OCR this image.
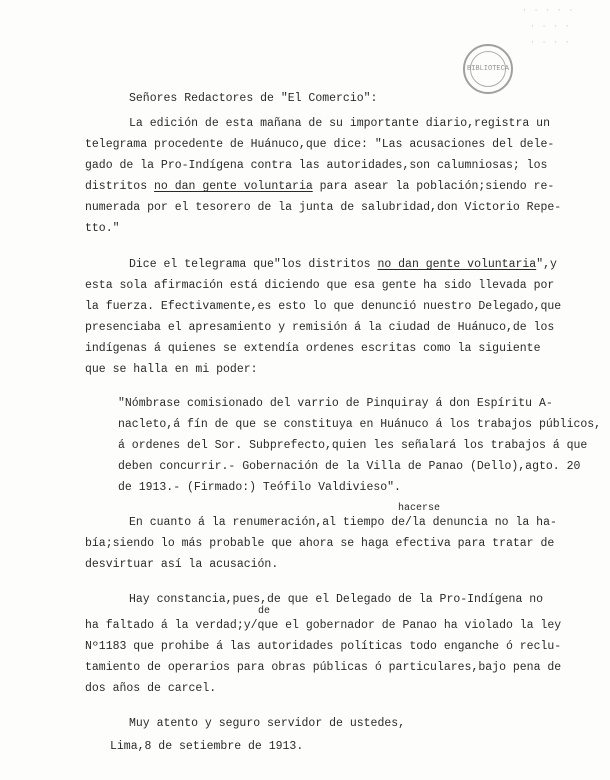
· · · · ·
· · · ·
· · · ·
BIBLIOTECA
Señores Redactores de "El Comercio":
La edición de esta mañana de su importante diario,registra un
telegrama procedente de Huánuco,que dice: "Las acusaciones del dele-
gado de la Pro-Indígena contra las autoridades,son calumniosas; los
distritos no dan gente voluntaria para asear la población;siendo re-
numerada por el tesorero de la junta de salubridad,don Victorio Repe-
tto."
Dice el telegrama que"los distritos no dan gente voluntaria",y
esta sola afirmación está diciendo que esa gente ha sido llevada por
la fuerza. Efectivamente,es esto lo que denunció nuestro Delegado,que
presenciaba el apresamiento y remisión á la ciudad de Huánuco,de los
indígenas á quienes se extendía ordenes escritas como la siguiente
que se halla en mi poder:
"Nómbrase comisionado del varrio de Pinquiray á don Espíritu A-
nacleto,á fín de que se constituya en Huánuco á los trabajos públicos,
á ordenes del Sor. Subprefecto,quien les señalará los trabajos á que
deben concurrir.- Gobernación de la Villa de Panao (Dello),agto. 20
de 1913.- (Firmado:) Teófilo Valdivieso".
hacerse
En cuanto á la renumeración,al tiempo de/la denuncia no la ha-
bía;siendo lo más probable que ahora se haga efectiva para tratar de
desvirtuar así la acusación.
Hay constancia,pues,de que el Delegado de la Pro-Indígena no
de
ha faltado á la verdad;y/que el gobernador de Panao ha violado la ley
Nº1183 que prohibe á las autoridades políticas todo enganche ó reclu-
tamiento de operarios para obras públicas ó particulares,bajo pena de
dos años de carcel.
Muy atento y seguro servidor de ustedes,
Lima,8 de setiembre de 1913.
